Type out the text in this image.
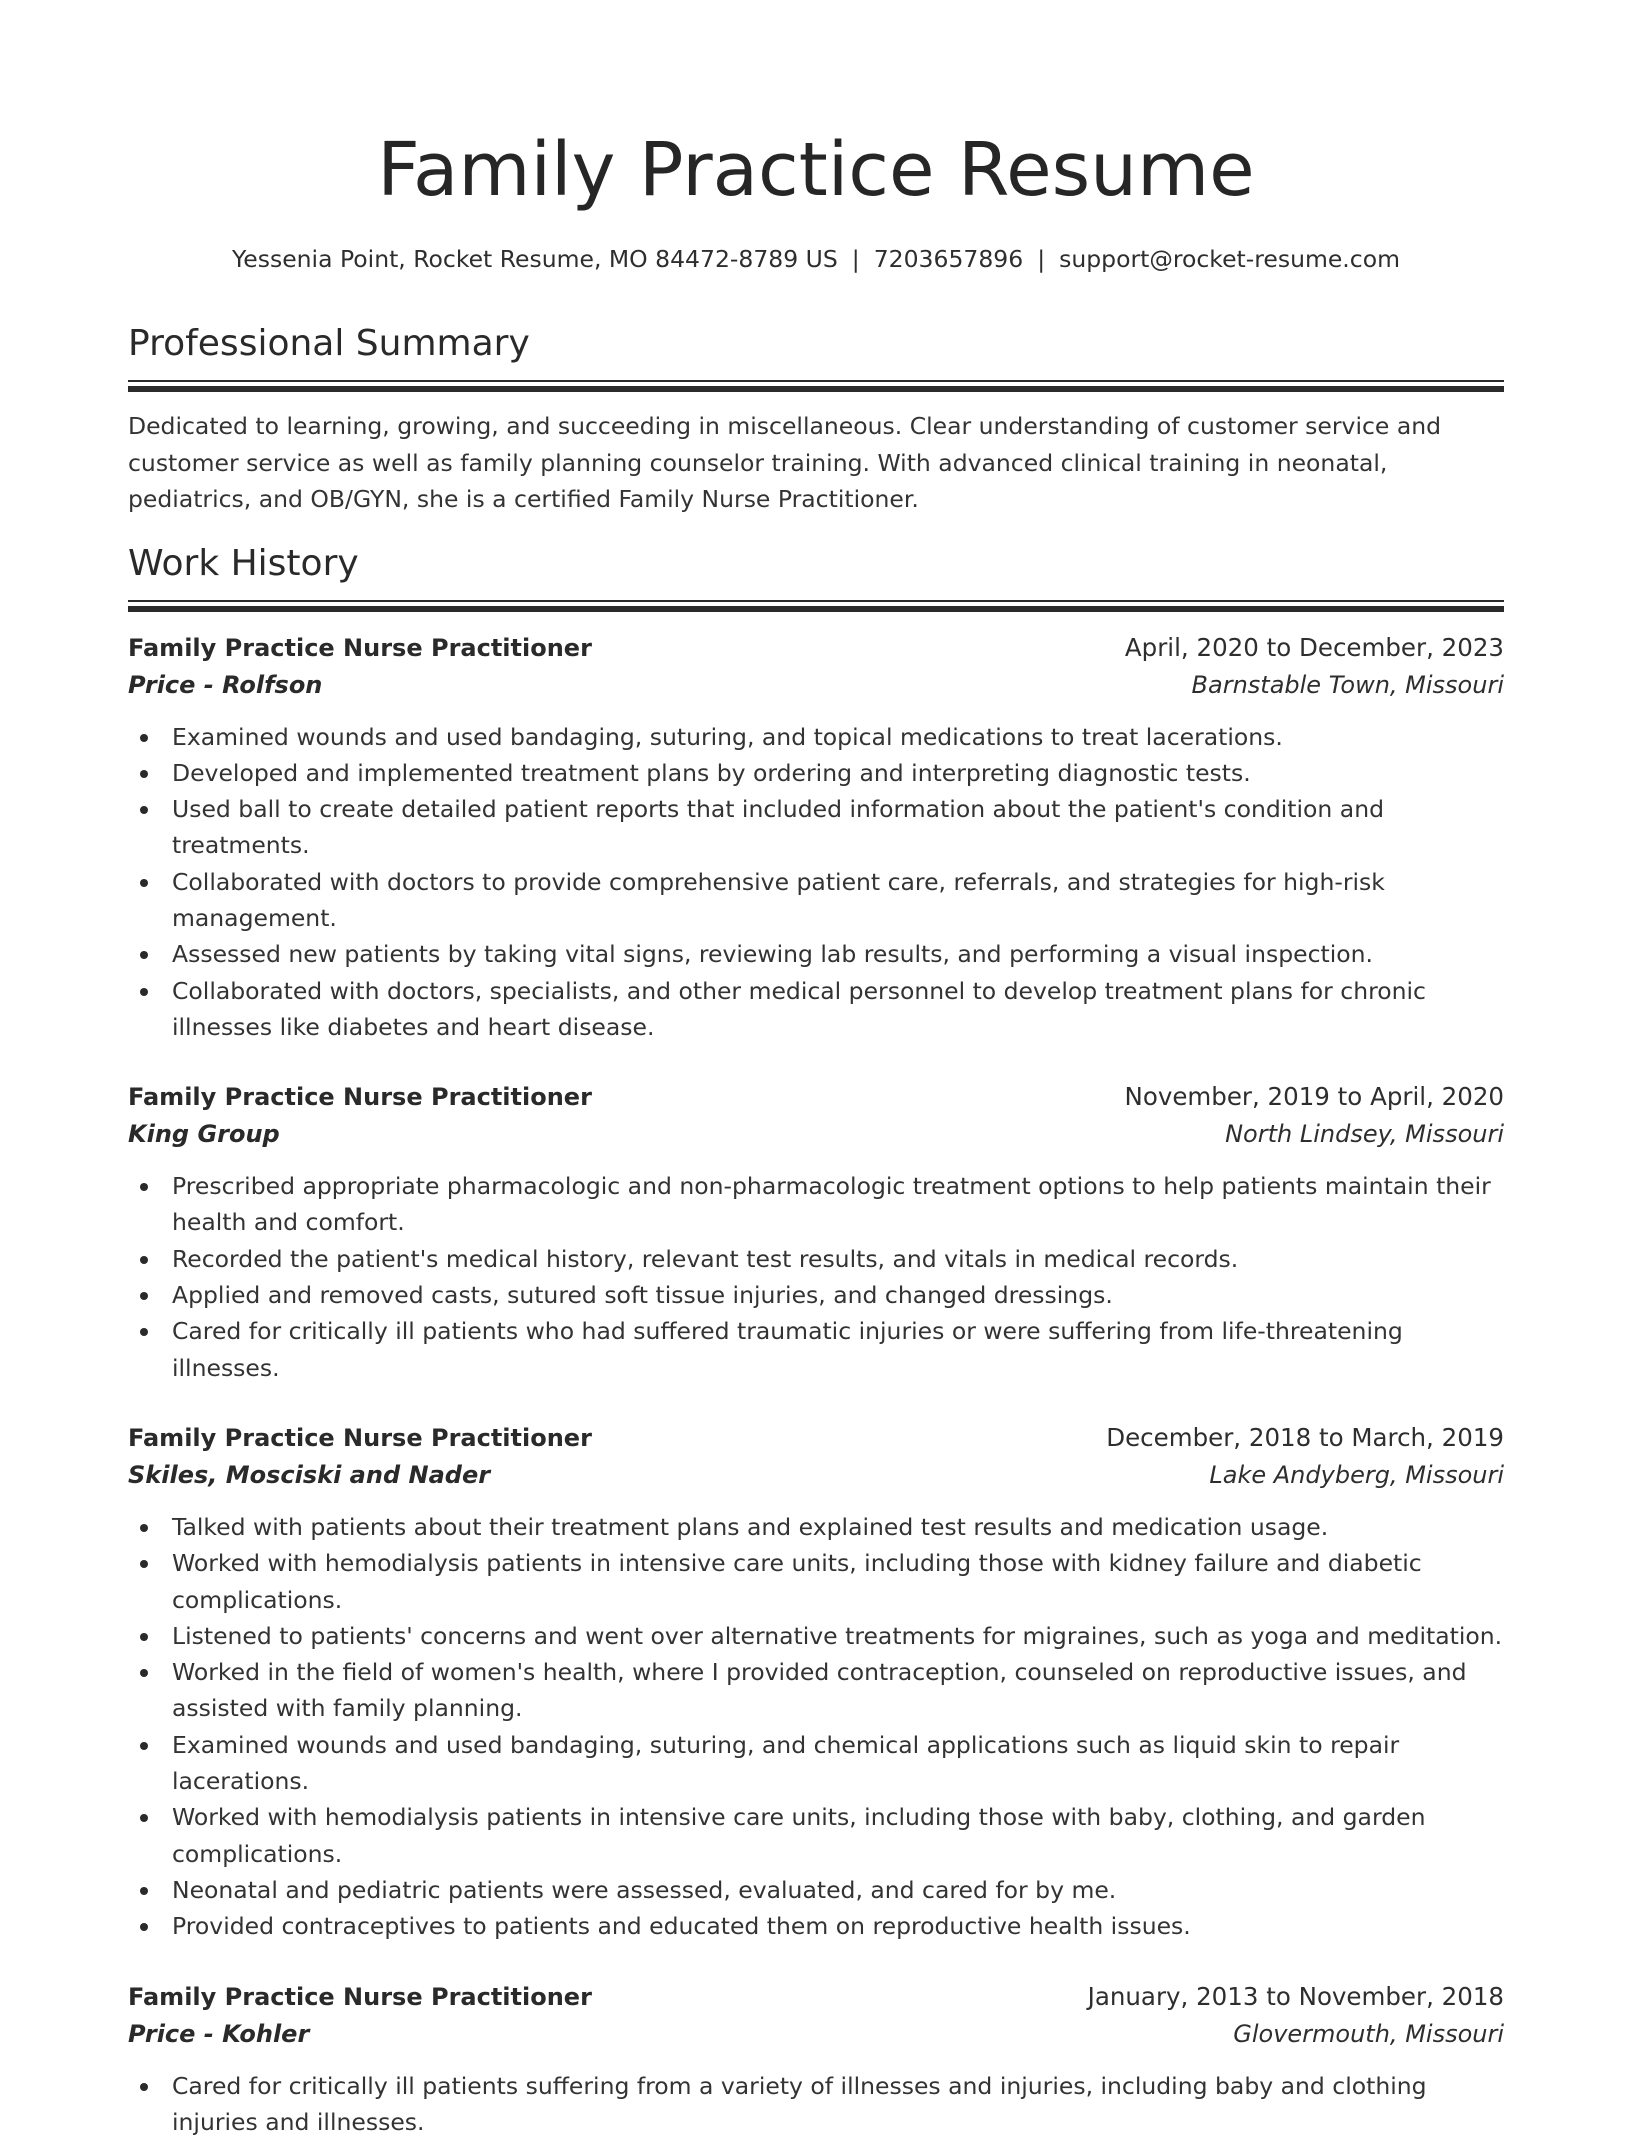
Family Practice Resume
Yessenia Point, Rocket Resume, MO 84472-8789 US | 7203657896 | support@rocket-resume.com
Professional Summary

Dedicated to learning, growing, and succeeding in miscellaneous. Clear understanding of customer service and customer service as well as family planning counselor training. With advanced clinical training in neonatal, pediatrics, and OB/GYN, she is a certified Family Nurse Practitioner.

Work History
Family Practice Nurse Practitioner	April, 2020 to December, 2023
Price - Rolfson	Barnstable Town, Missouri
Examined wounds and used bandaging, suturing, and topical medications to treat lacerations.
Developed and implemented treatment plans by ordering and interpreting diagnostic tests.
Used ball to create detailed patient reports that included information about the patient's condition and treatments.
Collaborated with doctors to provide comprehensive patient care, referrals, and strategies for high-risk management.
Assessed new patients by taking vital signs, reviewing lab results, and performing a visual inspection.
Collaborated with doctors, specialists, and other medical personnel to develop treatment plans for chronic illnesses like diabetes and heart disease.
Family Practice Nurse Practitioner	November, 2019 to April, 2020
King Group	North Lindsey, Missouri
Prescribed appropriate pharmacologic and non-pharmacologic treatment options to help patients maintain their health and comfort.
Recorded the patient's medical history, relevant test results, and vitals in medical records.
Applied and removed casts, sutured soft tissue injuries, and changed dressings.
Cared for critically ill patients who had suffered traumatic injuries or were suffering from life-threatening illnesses.
Family Practice Nurse Practitioner	December, 2018 to March, 2019
Skiles, Mosciski and Nader	Lake Andyberg, Missouri
Talked with patients about their treatment plans and explained test results and medication usage.
Worked with hemodialysis patients in intensive care units, including those with kidney failure and diabetic complications.
Listened to patients' concerns and went over alternative treatments for migraines, such as yoga and meditation.
Worked in the field of women's health, where I provided contraception, counseled on reproductive issues, and assisted with family planning.
Examined wounds and used bandaging, suturing, and chemical applications such as liquid skin to repair lacerations.
Worked with hemodialysis patients in intensive care units, including those with baby, clothing, and garden complications.
Neonatal and pediatric patients were assessed, evaluated, and cared for by me.
Provided contraceptives to patients and educated them on reproductive health issues.
Family Practice Nurse Practitioner	January, 2013 to November, 2018
Price - Kohler	Glovermouth, Missouri
Cared for critically ill patients suffering from a variety of illnesses and injuries, including baby and clothing injuries and illnesses.
